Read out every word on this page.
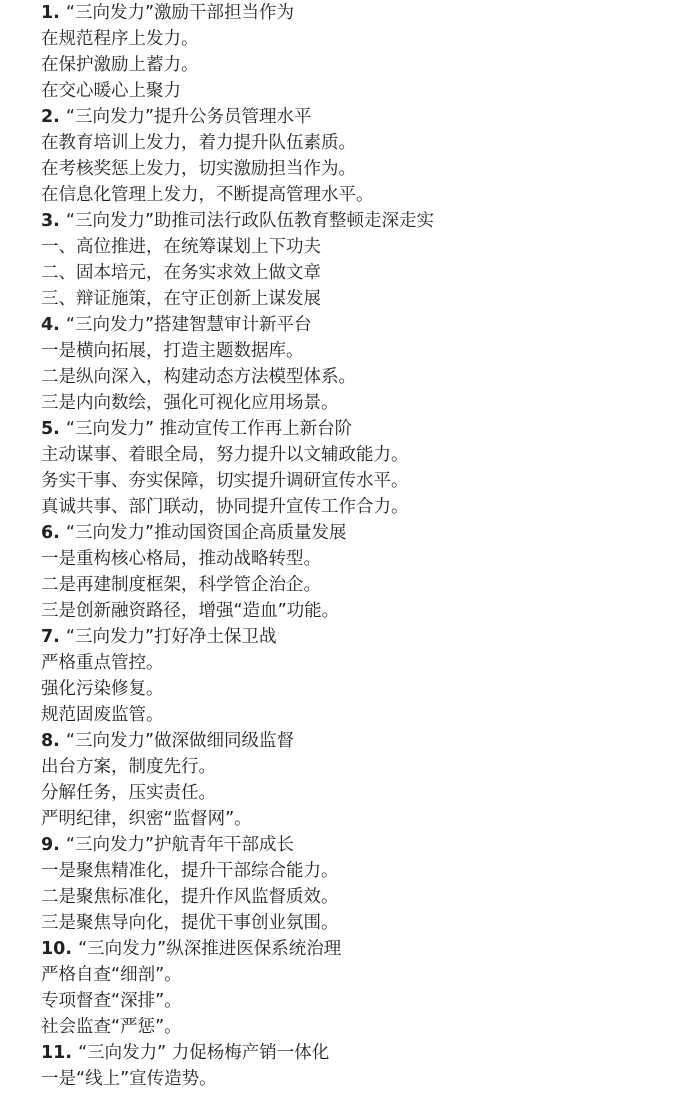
1. “三向发力”激励干部担当作为
在规范程序上发力。
在保护激励上蓄力。
在交心暖心上聚力
2. “三向发力”提升公务员管理水平
在教育培训上发力，着力提升队伍素质。
在考核奖惩上发力，切实激励担当作为。
在信息化管理上发力，不断提高管理水平。
3. “三向发力”助推司法行政队伍教育整顿走深走实
一、高位推进，在统筹谋划上下功夫
二、固本培元，在务实求效上做文章
三、辩证施策，在守正创新上谋发展
4. “三向发力”搭建智慧审计新平台
一是横向拓展，打造主题数据库。
二是纵向深入，构建动态方法模型体系。
三是内向数绘，强化可视化应用场景。
5. “三向发力” 推动宣传工作再上新台阶
主动谋事、着眼全局，努力提升以文辅政能力。
务实干事、夯实保障，切实提升调研宣传水平。
真诚共事、部门联动，协同提升宣传工作合力。
6. “三向发力”推动国资国企高质量发展
一是重构核心格局，推动战略转型。
二是再建制度框架，科学管企治企。
三是创新融资路径，增强“造血”功能。
7. “三向发力”打好净土保卫战
严格重点管控。
强化污染修复。
规范固废监管。
8. “三向发力”做深做细同级监督
出台方案，制度先行。
分解任务，压实责任。
严明纪律，织密“监督网”。
9. “三向发力”护航青年干部成长
一是聚焦精准化，提升干部综合能力。
二是聚焦标准化，提升作风监督质效。
三是聚焦导向化，提优干事创业氛围。
10. “三向发力”纵深推进医保系统治理
严格自查“细剖”。
专项督查“深排”。
社会监查“严惩”。
11. “三向发力” 力促杨梅产销一体化
一是“线上”宣传造势。
